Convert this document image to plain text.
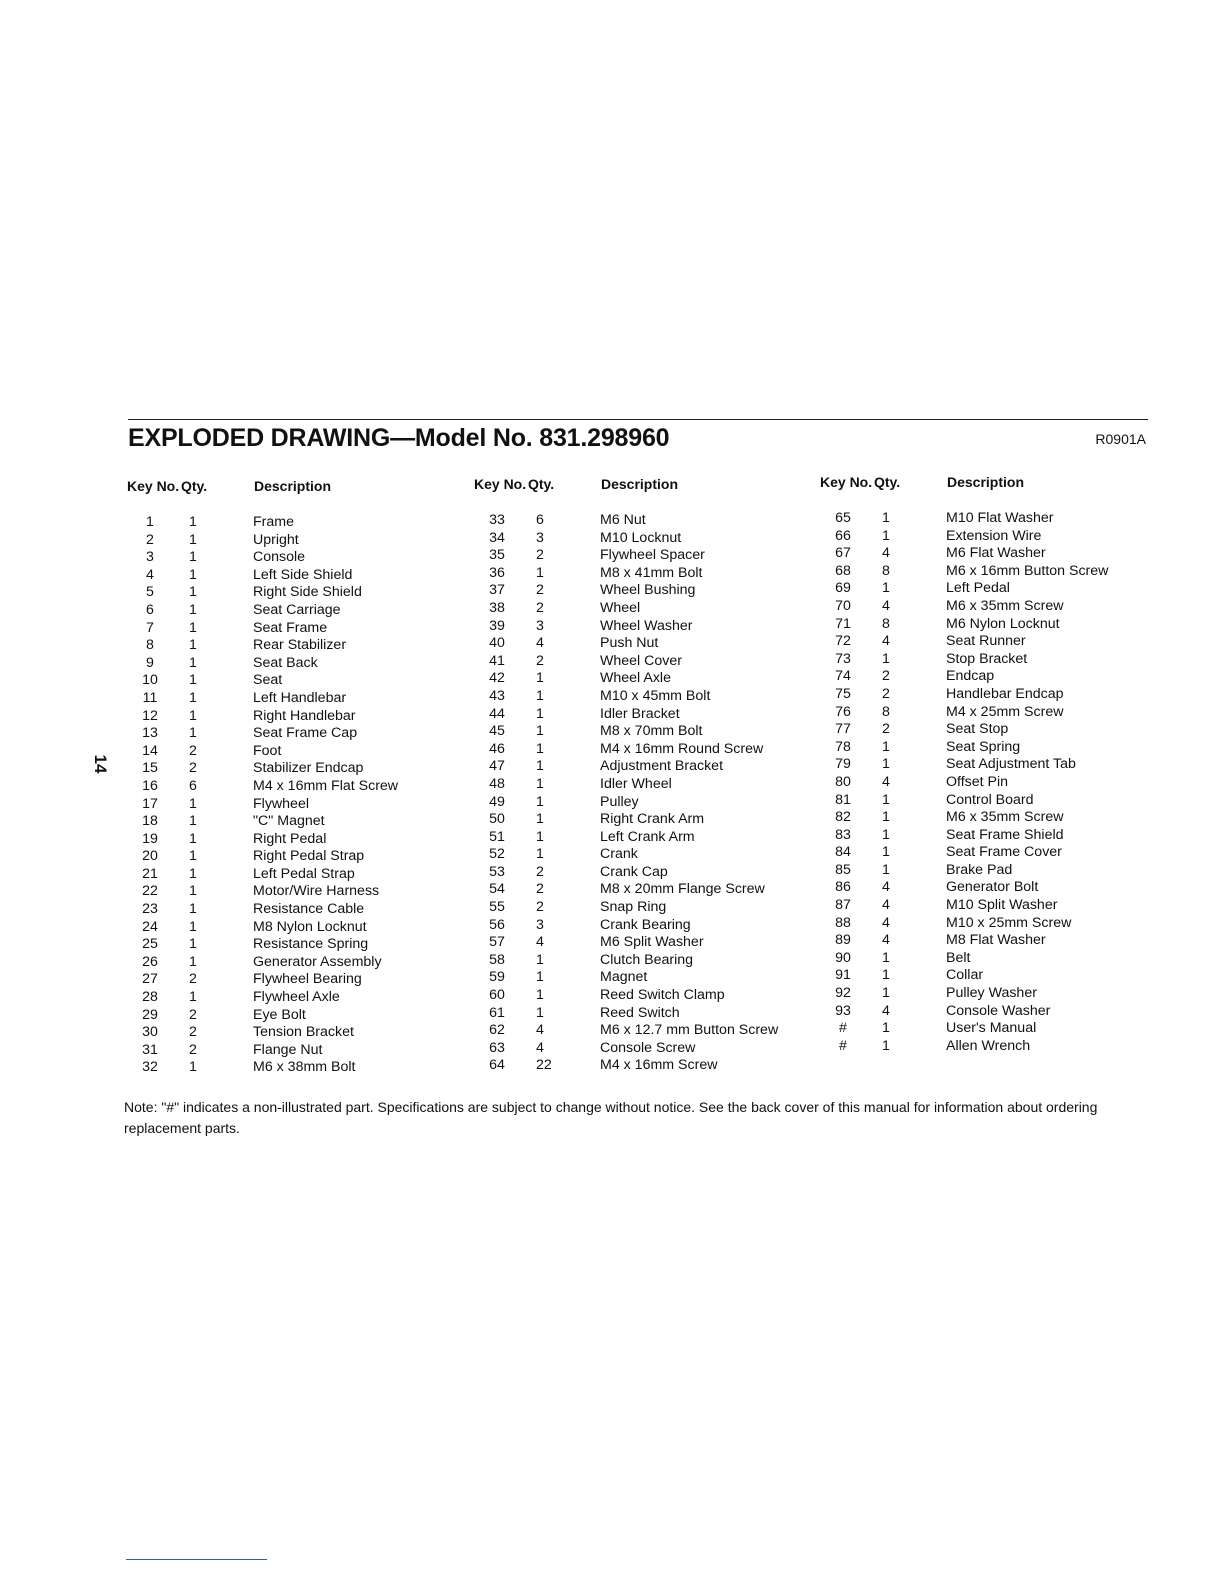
EXPLODED DRAWING—Model No. 831.298960	R0901A
14
Key No. Qty.	Description
1	1	Frame
2	1	Upright
3	1	Console
4	1	Left Side Shield
5	1	Right Side Shield
6	1	Seat Carriage
7	1	Seat Frame
8	1	Rear Stabilizer
9	1	Seat Back
10	1	Seat
11	1	Left Handlebar
12	1	Right Handlebar
13	1	Seat Frame Cap
14	2	Foot
15	2	Stabilizer Endcap
16	6	M4 x 16mm Flat Screw
17	1	Flywheel
18	1	"C" Magnet
19	1	Right Pedal
20	1	Right Pedal Strap
21	1	Left Pedal Strap
22	1	Motor/Wire Harness
23	1	Resistance Cable
24	1	M8 Nylon Locknut
25	1	Resistance Spring
26	1	Generator Assembly
27	2	Flywheel Bearing
28	1	Flywheel Axle
29	2	Eye Bolt
30	2	Tension Bracket
31	2	Flange Nut
32	1	M6 x 38mm Bolt
Key No. Qty.	Description
33	6	M6 Nut
34	3	M10 Locknut
35	2	Flywheel Spacer
36	1	M8 x 41mm Bolt
37	2	Wheel Bushing
38	2	Wheel
39	3	Wheel Washer
40	4	Push Nut
41	2	Wheel Cover
42	1	Wheel Axle
43	1	M10 x 45mm Bolt
44	1	Idler Bracket
45	1	M8 x 70mm Bolt
46	1	M4 x 16mm Round Screw
47	1	Adjustment Bracket
48	1	Idler Wheel
49	1	Pulley
50	1	Right Crank Arm
51	1	Left Crank Arm
52	1	Crank
53	2	Crank Cap
54	2	M8 x 20mm Flange Screw
55	2	Snap Ring
56	3	Crank Bearing
57	4	M6 Split Washer
58	1	Clutch Bearing
59	1	Magnet
60	1	Reed Switch Clamp
61	1	Reed Switch
62	4	M6 x 12.7 mm Button Screw
63	4	Console Screw
64	22	M4 x 16mm Screw
Key No. Qty.	Description
65	1	M10 Flat Washer
66	1	Extension Wire
67	4	M6 Flat Washer
68	8	M6 x 16mm Button Screw
69	1	Left Pedal
70	4	M6 x 35mm Screw
71	8	M6 Nylon Locknut
72	4	Seat Runner
73	1	Stop Bracket
74	2	Endcap
75	2	Handlebar Endcap
76	8	M4 x 25mm Screw
77	2	Seat Stop
78	1	Seat Spring
79	1	Seat Adjustment Tab
80	4	Offset Pin
81	1	Control Board
82	1	M6 x 35mm Screw
83	1	Seat Frame Shield
84	1	Seat Frame Cover
85	1	Brake Pad
86	4	Generator Bolt
87	4	M10 Split Washer
88	4	M10 x 25mm Screw
89	4	M8 Flat Washer
90	1	Belt
91	1	Collar
92	1	Pulley Washer
93	4	Console Washer
#	1	User's Manual
#	1	Allen Wrench
Note: "#" indicates a non-illustrated part. Specifications are subject to change without notice. See the back cover of this manual for information about ordering replacement parts.
